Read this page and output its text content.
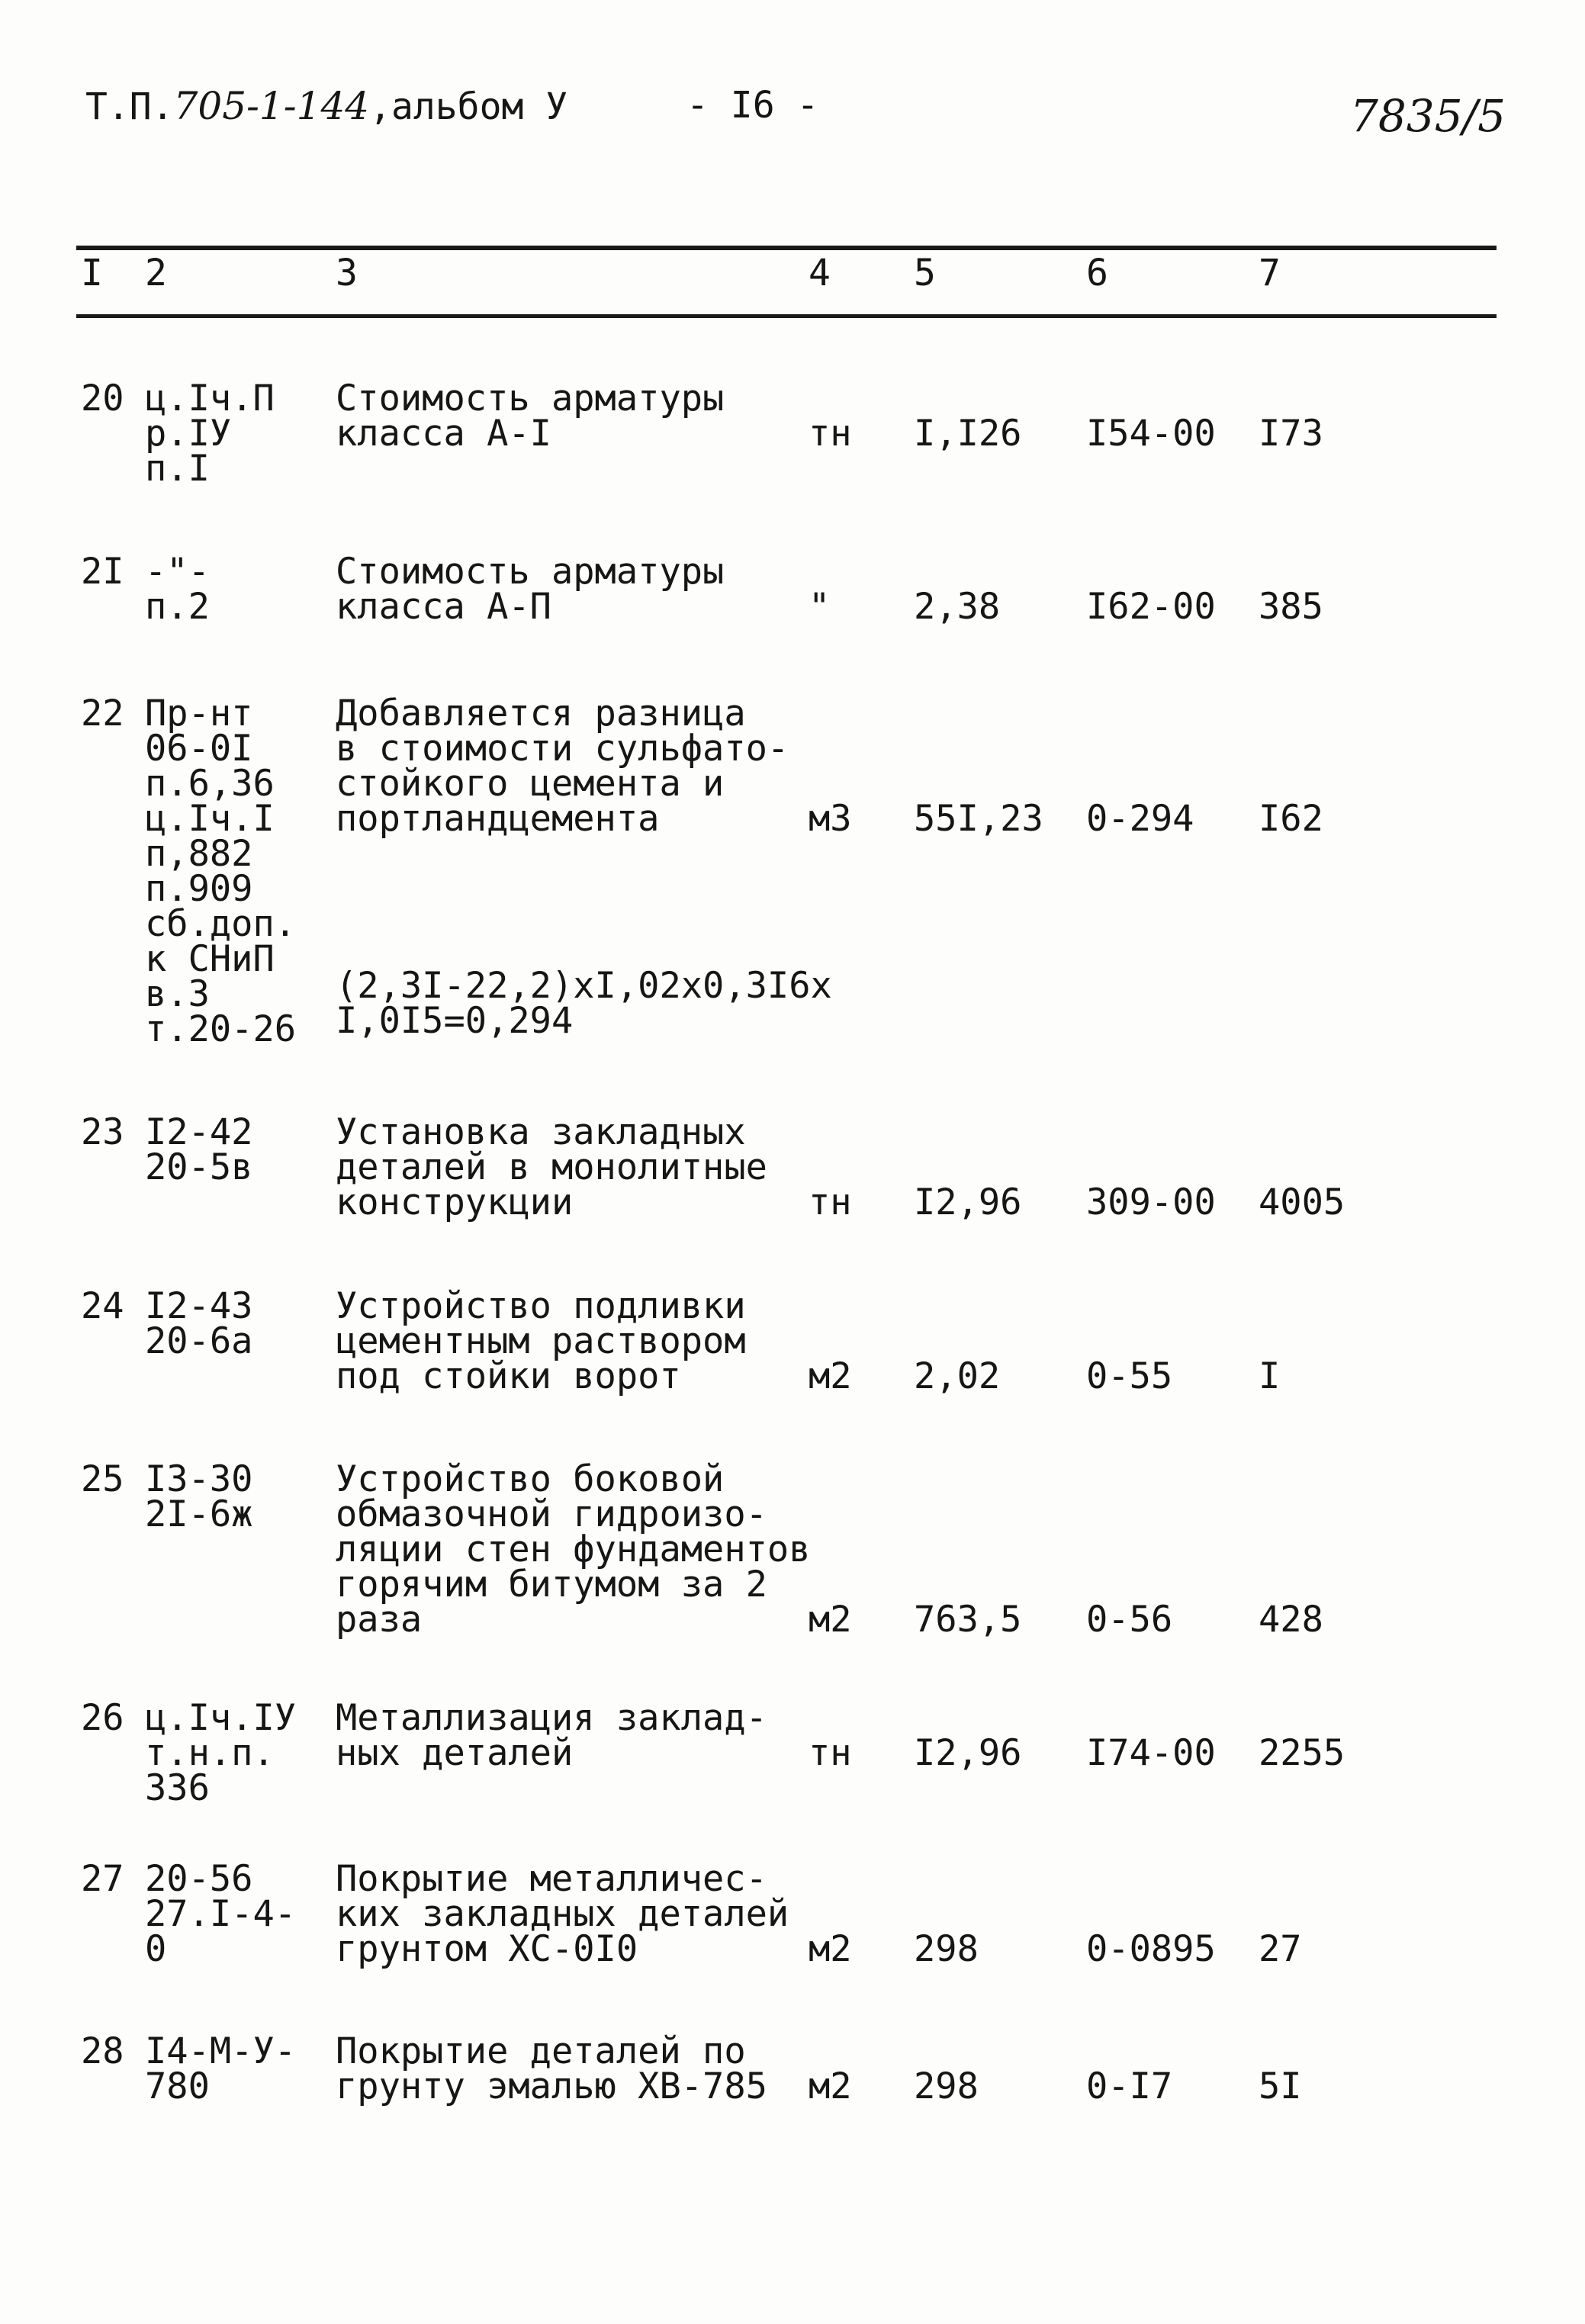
Т.П.705-1-144,альбом У	- I6 -	7835/5
I 2	3	4 5	6	7
20 ц.Iч.П
р.IУ
п.I
Стоимость арматуры
класса А-I	тн I,I26 I54-00 I73
2I -"-
п.2
Стоимость арматуры
класса А-П	" 2,38 I62-00 385
22 Пр-нт
06-0I
п.6,36
ц.Iч.I
п,882
п.909
сб.доп.
к СНиП
в.3
т.20-26
Добавляется разница
в стоимости сульфато-
стойкого цемента и
портландцемента	м3 55I,23 0-294 I62
(2,3I-22,2)хI,02х0,3I6х
I,0I5=0,294
23 I2-42
20-5в
Установка закладных
деталей в монолитные
конструкции	тн I2,96 309-00 4005
24 I2-43
20-6а
Устройство подливки
цементным раствором
под стойки ворот	м2 2,02 0-55 I
25 I3-30
2I-6ж
Устройство боковой
обмазочной гидроизо-
ляции стен фундаментов
горячим битумом за 2
раза	м2 763,5 0-56 428
26 ц.Iч.IУ
т.н.п.
336
Металлизация заклад-
ных деталей	тн I2,96 I74-00 2255
27 20-56
27.I-4-
0
Покрытие металличес-
ких закладных деталей
грунтом ХС-0I0	м2 298	0-0895 27
28 I4-М-У-
780
Покрытие деталей по
грунту эмалью ХВ-785 м2 298	0-I7 5I
